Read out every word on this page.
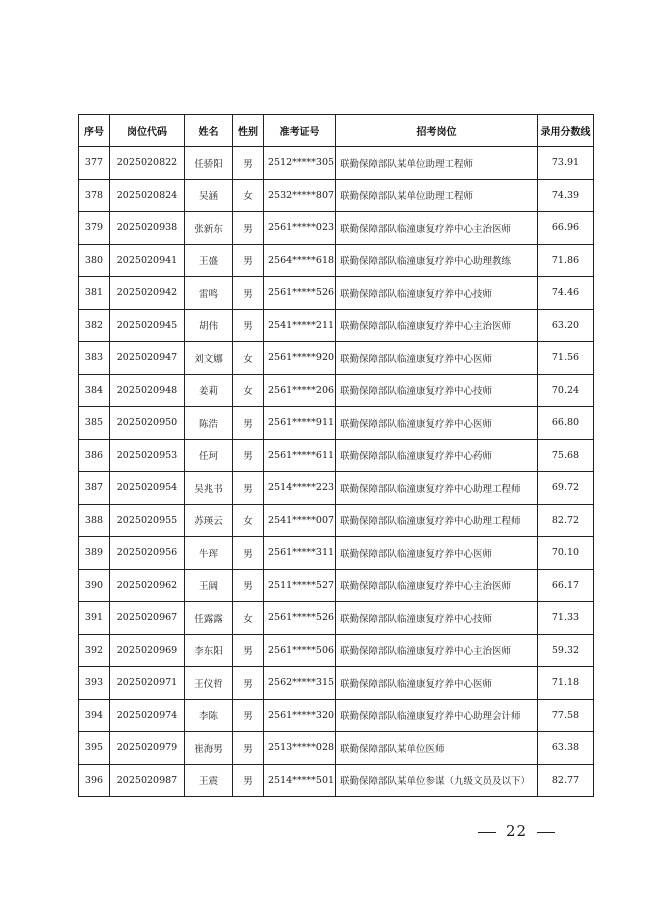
序号	岗位代码	姓名	性别	准考证号	招考岗位	录用分数线
377	2025020822	任骄阳	男	2512*****305	联勤保障部队某单位助理工程师	73.91
378	2025020824	吴涵	女	2532*****807	联勤保障部队某单位助理工程师	74.39
379	2025020938	张新东	男	2561*****023	联勤保障部队临潼康复疗养中心主治医师	66.96
380	2025020941	王盛	男	2564*****618	联勤保障部队临潼康复疗养中心助理教练	71.86
381	2025020942	雷鸣	男	2561*****526	联勤保障部队临潼康复疗养中心技师	74.46
382	2025020945	胡伟	男	2541*****211	联勤保障部队临潼康复疗养中心主治医师	63.20
383	2025020947	刘文娜	女	2561*****920	联勤保障部队临潼康复疗养中心医师	71.56
384	2025020948	姜莉	女	2561*****206	联勤保障部队临潼康复疗养中心技师	70.24
385	2025020950	陈浩	男	2561*****911	联勤保障部队临潼康复疗养中心医师	66.80
386	2025020953	任珂	男	2561*****611	联勤保障部队临潼康复疗养中心药师	75.68
387	2025020954	吴兆书	男	2514*****223	联勤保障部队临潼康复疗养中心助理工程师	69.72
388	2025020955	苏瑛云	女	2541*****007	联勤保障部队临潼康复疗养中心助理工程师	82.72
389	2025020956	牛珲	男	2561*****311	联勤保障部队临潼康复疗养中心医师	70.10
390	2025020962	王阔	男	2511*****527	联勤保障部队临潼康复疗养中心主治医师	66.17
391	2025020967	任露露	女	2561*****526	联勤保障部队临潼康复疗养中心技师	71.33
392	2025020969	李东阳	男	2561*****506	联勤保障部队临潼康复疗养中心主治医师	59.32
393	2025020971	王仪哲	男	2562*****315	联勤保障部队临潼康复疗养中心医师	71.18
394	2025020974	李陈	男	2561*****320	联勤保障部队临潼康复疗养中心助理会计师	77.58
395	2025020979	崔海男	男	2513*****028	联勤保障部队某单位医师	63.38
396	2025020987	王震	男	2514*****501	联勤保障部队某单位参谋（九级文员及以下）	82.77
22
